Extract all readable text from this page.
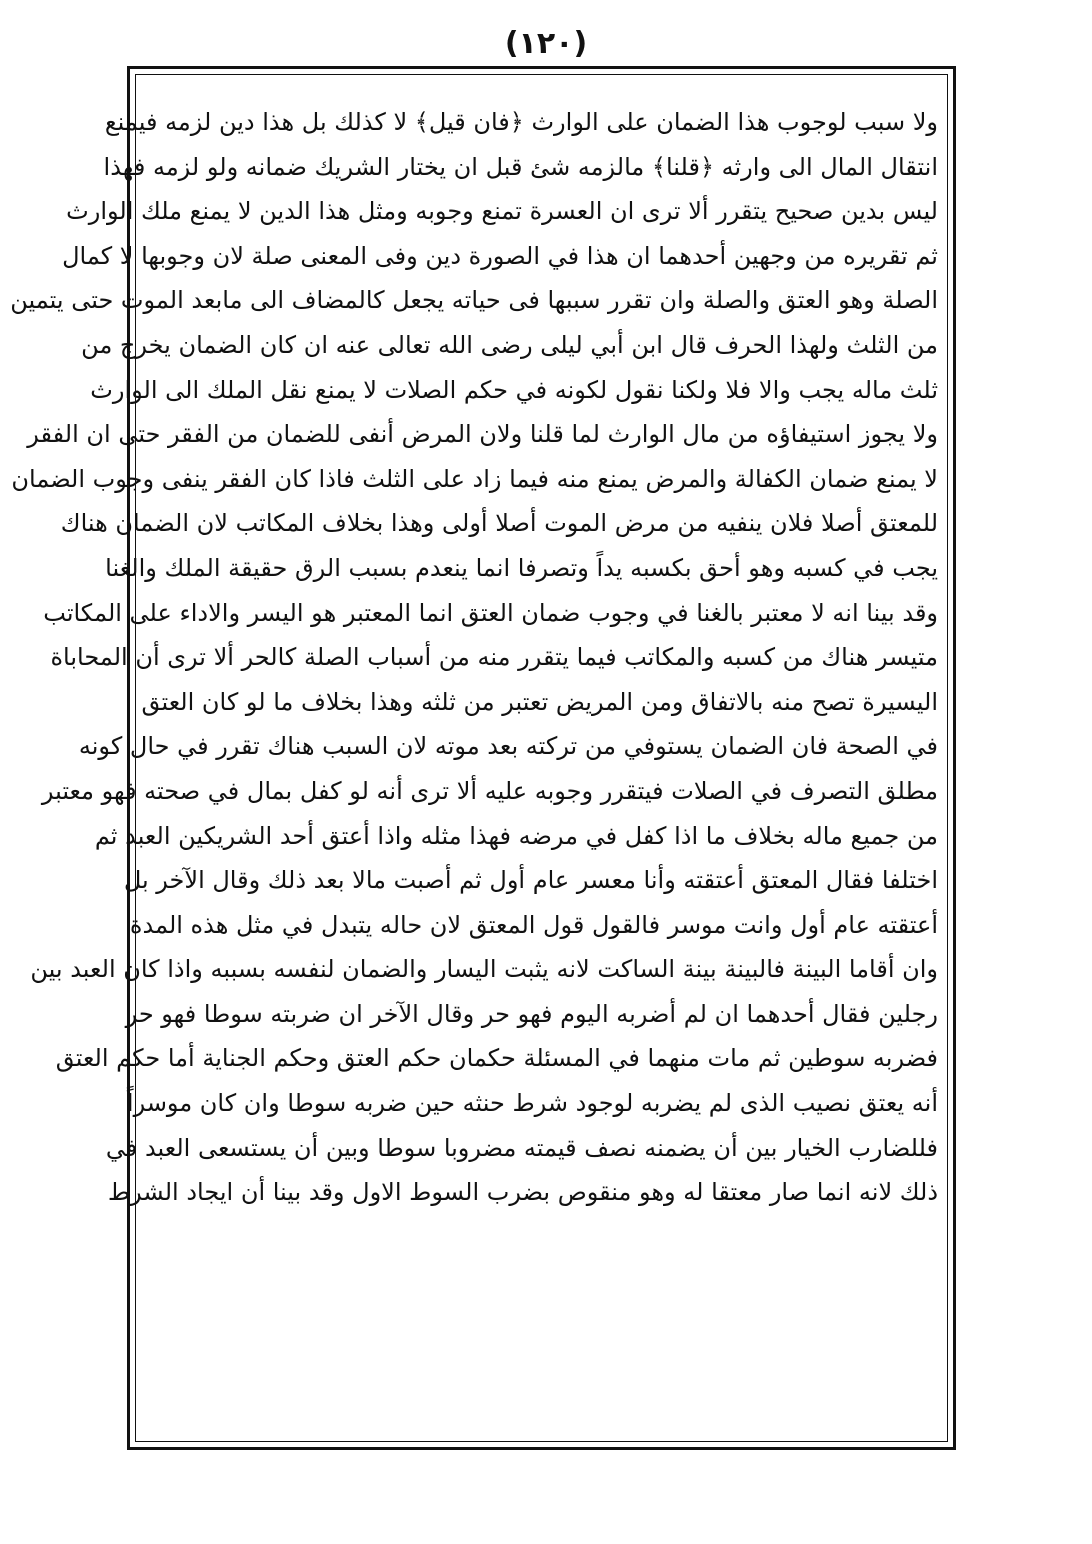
(١٢٠)
ولا سبب لوجوب هذا الضمان على الوارث ﴿فان قيل﴾ لا كذلك بل هذا دين لزمه فيمنع
انتقال المال الى وارثه ﴿قلنا﴾ مالزمه شئ قبل ان يختار الشريك ضمانه ولو لزمه فهذا
ليس بدين صحيح يتقرر ألا ترى ان العسرة تمنع وجوبه ومثل هذا الدين لا يمنع ملك الوارث
ثم تقريره من وجهين أحدهما ان هذا في الصورة دين وفى المعنى صلة لان وجوبها لا كمال
الصلة وهو العتق والصلة وان تقرر سببها فى حياته يجعل كالمضاف الى مابعد الموت حتى يتمين
من الثلث ولهذا الحرف قال ابن أبي ليلى رضى الله تعالى عنه ان كان الضمان يخرج من
ثلث ماله يجب والا فلا ولكنا نقول لكونه في حكم الصلات لا يمنع نقل الملك الى الوارث
ولا يجوز استيفاؤه من مال الوارث لما قلنا ولان المرض أنفى للضمان من الفقر حتى ان الفقر
لا يمنع ضمان الكفالة والمرض يمنع منه فيما زاد على الثلث فاذا كان الفقر ينفى وجوب الضمان
للمعتق أصلا فلان ينفيه من مرض الموت أصلا أولى وهذا بخلاف المكاتب لان الضمان هناك
يجب في كسبه وهو أحق بكسبه يداً وتصرفا انما ينعدم بسبب الرق حقيقة الملك والغنا
وقد بينا انه لا معتبر بالغنا في وجوب ضمان العتق انما المعتبر هو اليسر والاداء على المكاتب
متيسر هناك من كسبه والمكاتب فيما يتقرر منه من أسباب الصلة كالحر ألا ترى أن المحاباة
اليسيرة تصح منه بالاتفاق ومن المريض تعتبر من ثلثه وهذا بخلاف ما لو كان العتق
في الصحة فان الضمان يستوفي من تركته بعد موته لان السبب هناك تقرر في حال كونه
مطلق التصرف في الصلات فيتقرر وجوبه عليه ألا ترى أنه لو كفل بمال في صحته فهو معتبر
من جميع ماله بخلاف ما اذا كفل في مرضه فهذا مثله واذا أعتق أحد الشريكين العبد ثم
اختلفا فقال المعتق أعتقته وأنا معسر عام أول ثم أصبت مالا بعد ذلك وقال الآخر بل
أعتقته عام أول وانت موسر فالقول قول المعتق لان حاله يتبدل في مثل هذه المدة
وان أقاما البينة فالبينة بينة الساكت لانه يثبت اليسار والضمان لنفسه بسببه واذا كان العبد بين
رجلين فقال أحدهما ان لم أضربه اليوم فهو حر وقال الآخر ان ضربته سوطا فهو حر
فضربه سوطين ثم مات منهما في المسئلة حكمان حكم العتق وحكم الجناية أما حكم العتق
أنه يعتق نصيب الذى لم يضربه لوجود شرط حنثه حين ضربه سوطا وان كان موسراً
فللضارب الخيار بين أن يضمنه نصف قيمته مضروبا سوطا وبين أن يستسعى العبد في
ذلك لانه انما صار معتقا له وهو منقوص بضرب السوط الاول وقد بينا أن ايجاد الشرط
